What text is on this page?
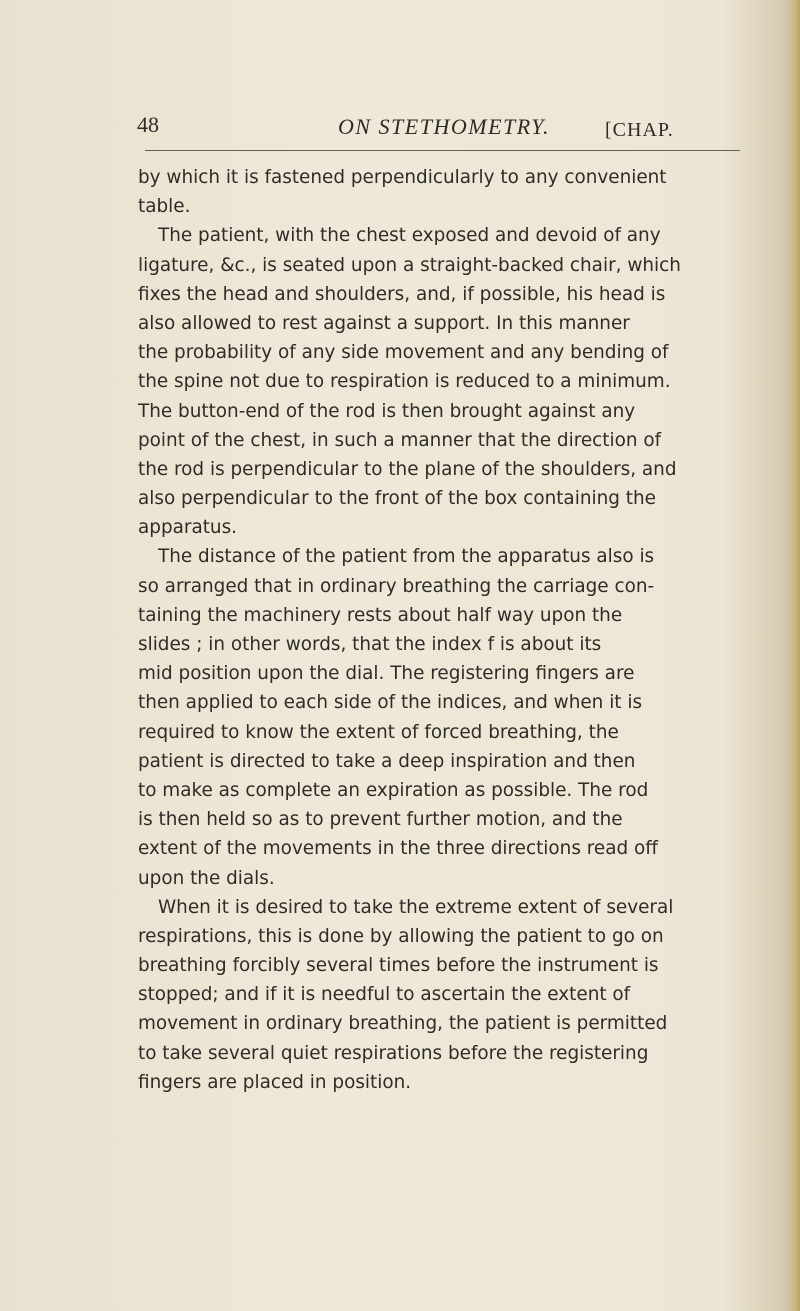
48	ON STETHOMETRY.	[CHAP.
by which it is fastened perpendicularly to any convenient
table.
The patient, with the chest exposed and devoid of any
ligature, &c., is seated upon a straight-backed chair, which
fixes the head and shoulders, and, if possible, his head is
also allowed to rest against a support. In this manner
the probability of any side movement and any bending of
the spine not due to respiration is reduced to a minimum.
The button-end of the rod is then brought against any
point of the chest, in such a manner that the direction of
the rod is perpendicular to the plane of the shoulders, and
also perpendicular to the front of the box containing the
apparatus.
The distance of the patient from the apparatus also is
so arranged that in ordinary breathing the carriage con-
taining the machinery rests about half way upon the
slides ; in other words, that the index f is about its
mid position upon the dial. The registering fingers are
then applied to each side of the indices, and when it is
required to know the extent of forced breathing, the
patient is directed to take a deep inspiration and then
to make as complete an expiration as possible. The rod
is then held so as to prevent further motion, and the
extent of the movements in the three directions read off
upon the dials.
When it is desired to take the extreme extent of several
respirations, this is done by allowing the patient to go on
breathing forcibly several times before the instrument is
stopped; and if it is needful to ascertain the extent of
movement in ordinary breathing, the patient is permitted
to take several quiet respirations before the registering
fingers are placed in position.
